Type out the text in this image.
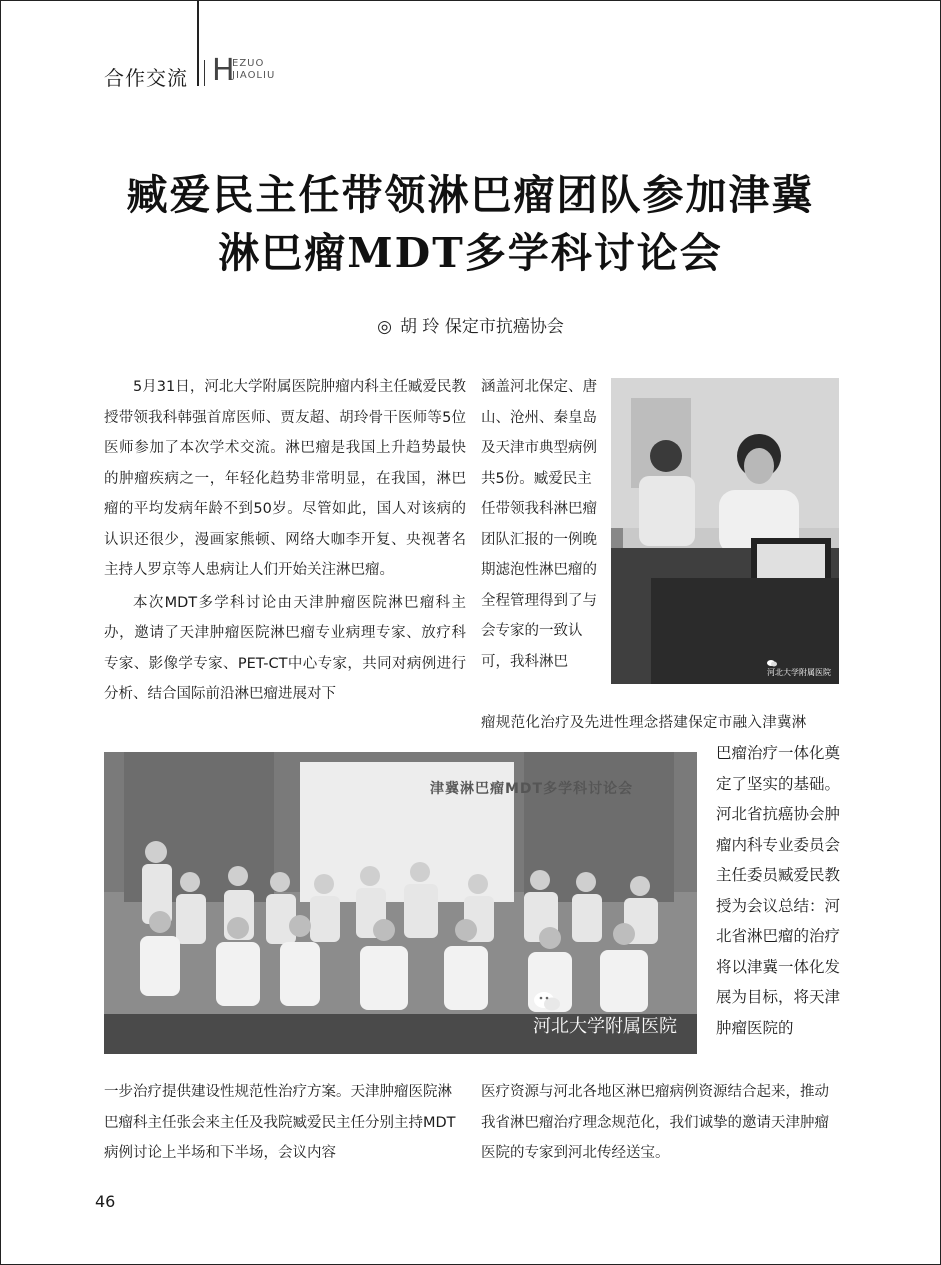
合作交流 H
EZUO
JIAOLIU
臧爱民主任带领淋巴瘤团队参加津冀
淋巴瘤MDT多学科讨论会
◎ 胡 玲 保定市抗癌协会

5月31日，河北大学附属医院肿瘤内科主任臧爱民教授带领我科韩强首席医师、贾友超、胡玲骨干医师等5位医师参加了本次学术交流。淋巴瘤是我国上升趋势最快的肿瘤疾病之一，年轻化趋势非常明显，在我国，淋巴瘤的平均发病年龄不到50岁。尽管如此，国人对该病的认识还很少，漫画家熊顿、网络大咖李开复、央视著名主持人罗京等人患病让人们开始关注淋巴瘤。

本次MDT多学科讨论由天津肿瘤医院淋巴瘤科主办，邀请了天津肿瘤医院淋巴瘤专业病理专家、放疗科专家、影像学专家、PET-CT中心专家，共同对病例进行分析、结合国际前沿淋巴瘤进展对下

涵盖河北保定、唐山、沧州、秦皇岛及天津市典型病例共5份。臧爱民主任带领我科淋巴瘤团队汇报的一例晚期滤泡性淋巴瘤的全程管理得到了与会专家的一致认可，我科淋巴
瘤规范化治疗及先进性理念搭建保定市融入津冀淋
河北大学附属医院
津冀淋巴瘤MDT多学科讨论会
河北大学附属医院
巴瘤治疗一体化奠定了坚实的基础。河北省抗癌协会肿瘤内科专业委员会主任委员臧爱民教授为会议总结：河北省淋巴瘤的治疗将以津冀一体化发展为目标，将天津肿瘤医院的
一步治疗提供建设性规范性治疗方案。天津肿瘤医院淋巴瘤科主任张会来主任及我院臧爱民主任分别主持MDT病例讨论上半场和下半场，会议内容
医疗资源与河北各地区淋巴瘤病例资源结合起来，推动我省淋巴瘤治疗理念规范化，我们诚挚的邀请天津肿瘤医院的专家到河北传经送宝。
46
